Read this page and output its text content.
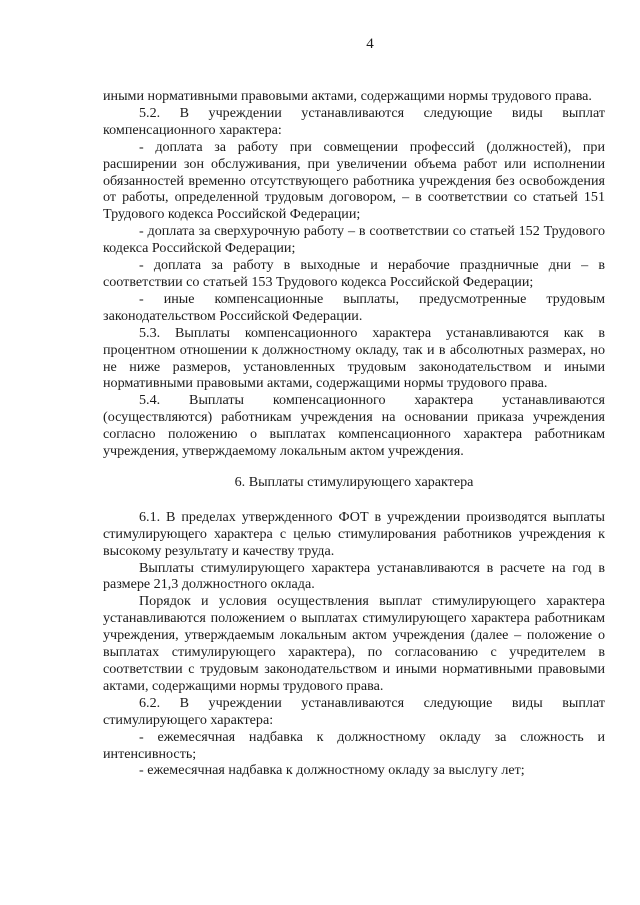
4

иными нормативными правовыми актами, содержащими нормы трудового права.

5.2. В учреждении устанавливаются следующие виды выплат компенсационного характера:

- доплата за работу при совмещении профессий (должностей), при расширении зон обслуживания, при увеличении объема работ или исполнении обязанностей временно отсутствующего работника учреждения без освобождения от работы, определенной трудовым договором, – в соответствии со статьей 151 Трудового кодекса Российской Федерации;

- доплата за сверхурочную работу – в соответствии со статьей 152 Трудового кодекса Российской Федерации;

- доплата за работу в выходные и нерабочие праздничные дни – в соответствии со статьей 153 Трудового кодекса Российской Федерации;

- иные компенсационные выплаты, предусмотренные трудовым законодательством Российской Федерации.

5.3. Выплаты компенсационного характера устанавливаются как в процентном отношении к должностному окладу, так и в абсолютных размерах, но не ниже размеров, установленных трудовым законодательством и иными нормативными правовыми актами, содержащими нормы трудового права.

5.4. Выплаты компенсационного характера устанавливаются (осуществляются) работникам учреждения на основании приказа учреждения согласно положению о выплатах компенсационного характера работникам учреждения, утверждаемому локальным актом учреждения.

6. Выплаты стимулирующего характера

6.1. В пределах утвержденного ФОТ в учреждении производятся выплаты стимулирующего характера с целью стимулирования работников учреждения к высокому результату и качеству труда.

Выплаты стимулирующего характера устанавливаются в расчете на год в размере 21,3 должностного оклада.

Порядок и условия осуществления выплат стимулирующего характера устанавливаются положением о выплатах стимулирующего характера работникам учреждения, утверждаемым локальным актом учреждения (далее – положение о выплатах стимулирующего характера), по согласованию с учредителем в соответствии с трудовым законодательством и иными нормативными правовыми актами, содержащими нормы трудового права.

6.2. В учреждении устанавливаются следующие виды выплат стимулирующего характера:

- ежемесячная надбавка к должностному окладу за сложность и интенсивность;

- ежемесячная надбавка к должностному окладу за выслугу лет;
